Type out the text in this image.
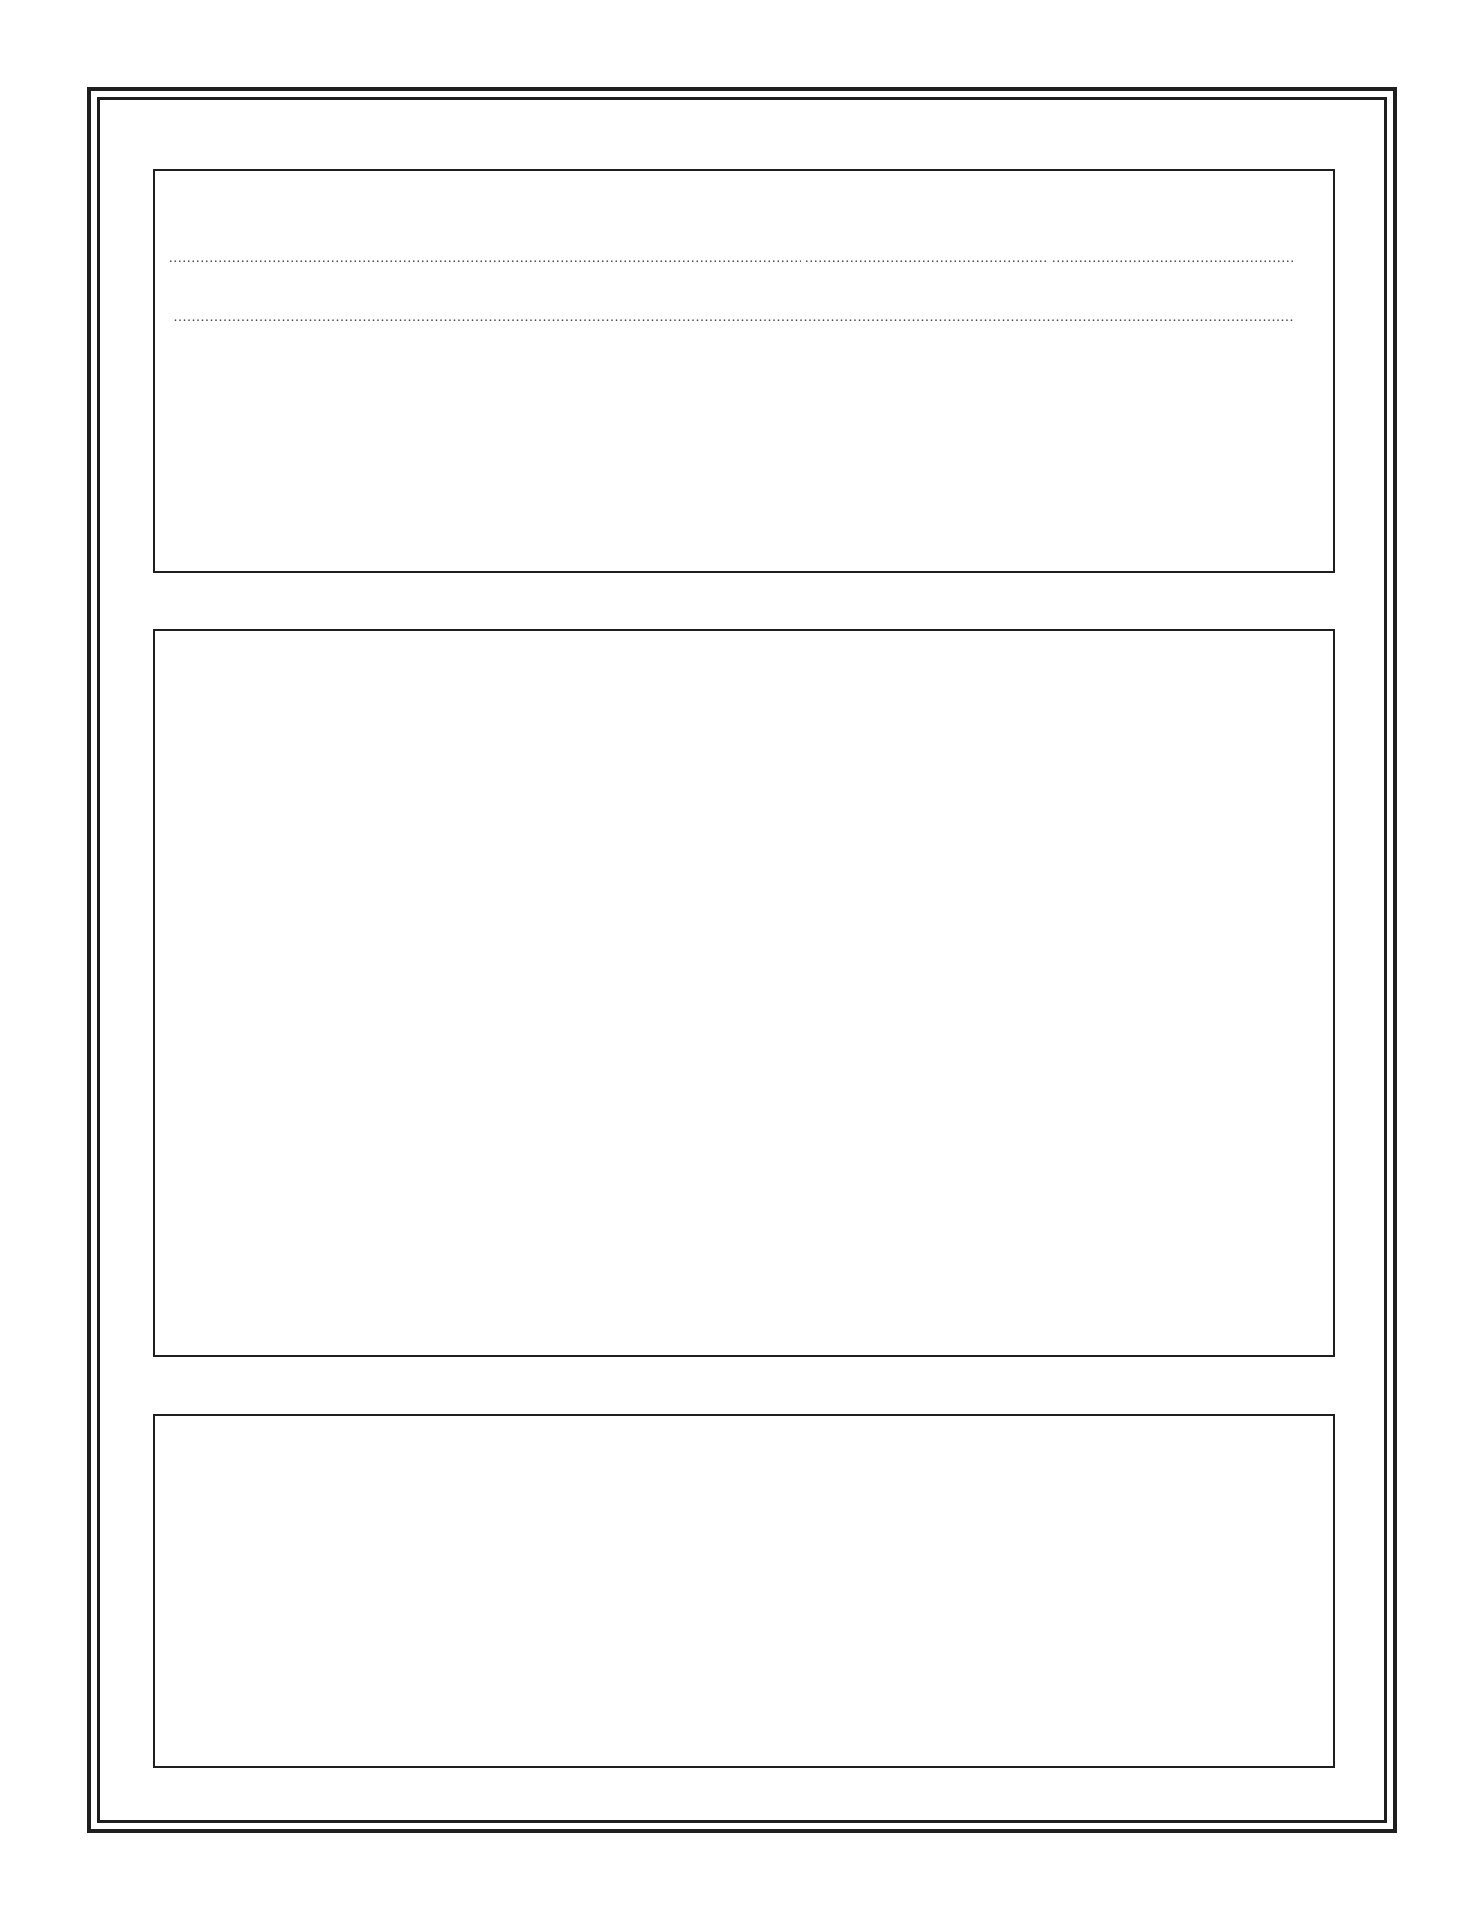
.....
.....
.....

.....
